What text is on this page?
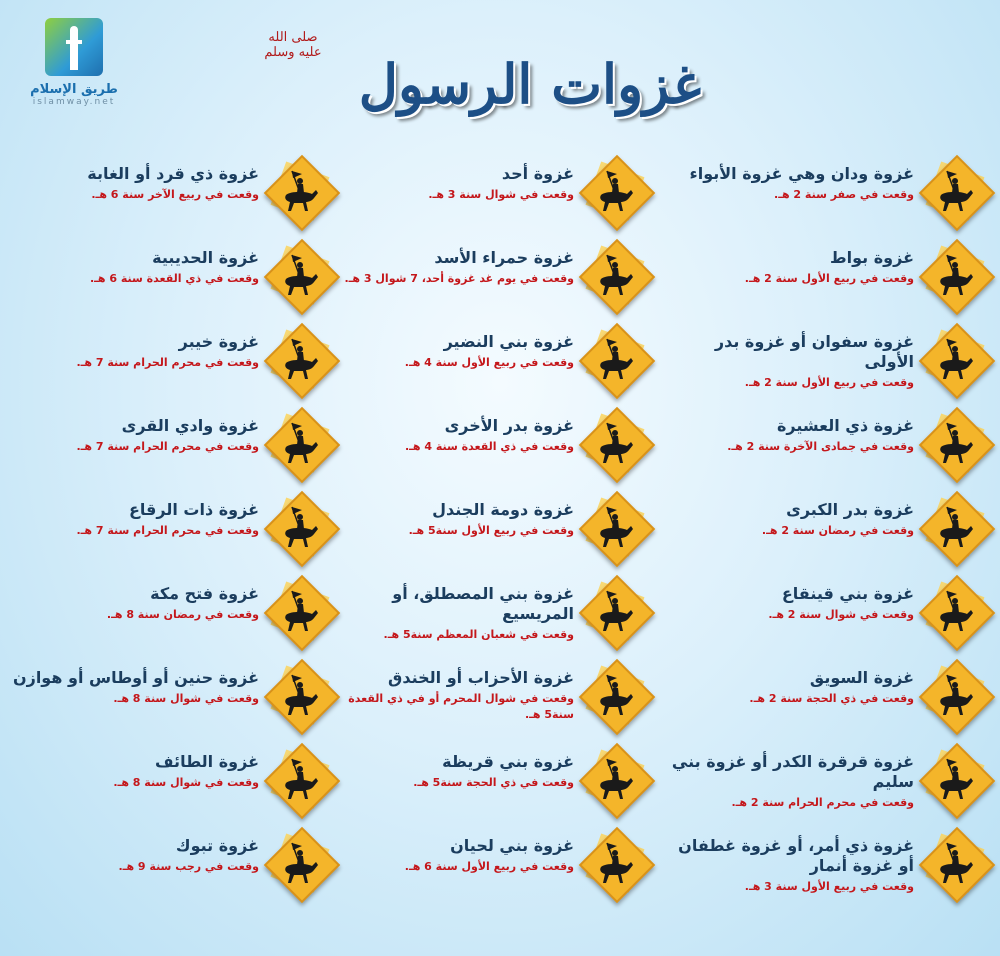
طريق الإسلام
islamway.net
صلى الله عليه وسلم غزوات الرسول
غزوة ودان وهي غزوة الأبواء
وقعت في صفر سنة 2 هـ.
غزوة بواط
وقعت في ربيع الأول سنة 2 هـ.
غزوة سفوان أو غزوة بدر الأولى
وقعت في ربيع الأول سنة 2 هـ.
غزوة ذي العشيرة
وقعت في جمادى الآخرة سنة 2 هـ.
غزوة بدر الكبرى
وقعت في رمضان سنة 2 هـ.
غزوة بني قينقاع
وقعت في شوال سنة 2 هـ.
غزوة السويق
وقعت في ذي الحجة سنة 2 هـ.
غزوة قرقرة الكدر أو غزوة بني سليم
وقعت في محرم الحرام سنة 2 هـ.
غزوة ذي أمر، أو غزوة غطفان أو غزوة أنمار
وقعت في ربيع الأول سنة 3 هـ.
غزوة أحد
وقعت في شوال سنة 3 هـ.
غزوة حمراء الأسد
وقعت في يوم غد غزوة أحد، 7 شوال 3 هـ.
غزوة بني النضير
وقعت في ربيع الأول سنة 4 هـ.
غزوة بدر الأخرى
وقعت في ذي القعدة سنة 4 هـ.
غزوة دومة الجندل
وقعت في ربيع الأول سنة5 هـ.
غزوة بني المصطلق، أو المريسيع
وقعت في شعبان المعظم سنة5 هـ.
غزوة الأحزاب أو الخندق
وقعت في شوال المحرم أو في ذي القعدة سنة5 هـ.
غزوة بني قريظة
وقعت في ذي الحجة سنة5 هـ.
غزوة بني لحيان
وقعت في ربيع الأول سنة 6 هـ.
غزوة ذي قرد أو الغابة
وقعت في ربيع الآخر سنة 6 هـ.
غزوة الحديبية
وقعت في ذي القعدة سنة 6 هـ.
غزوة خيبر
وقعت في محرم الحرام سنة 7 هـ.
غزوة وادي القرى
وقعت في محرم الحرام سنة 7 هـ.
غزوة ذات الرقاع
وقعت في محرم الحرام سنة 7 هـ.
غزوة فتح مكة
وقعت في رمضان سنة 8 هـ.
غزوة حنين أو أوطاس أو هوازن
وقعت في شوال سنة 8 هـ.
غزوة الطائف
وقعت في شوال سنة 8 هـ.
غزوة تبوك
وقعت في رجب سنة 9 هـ.
